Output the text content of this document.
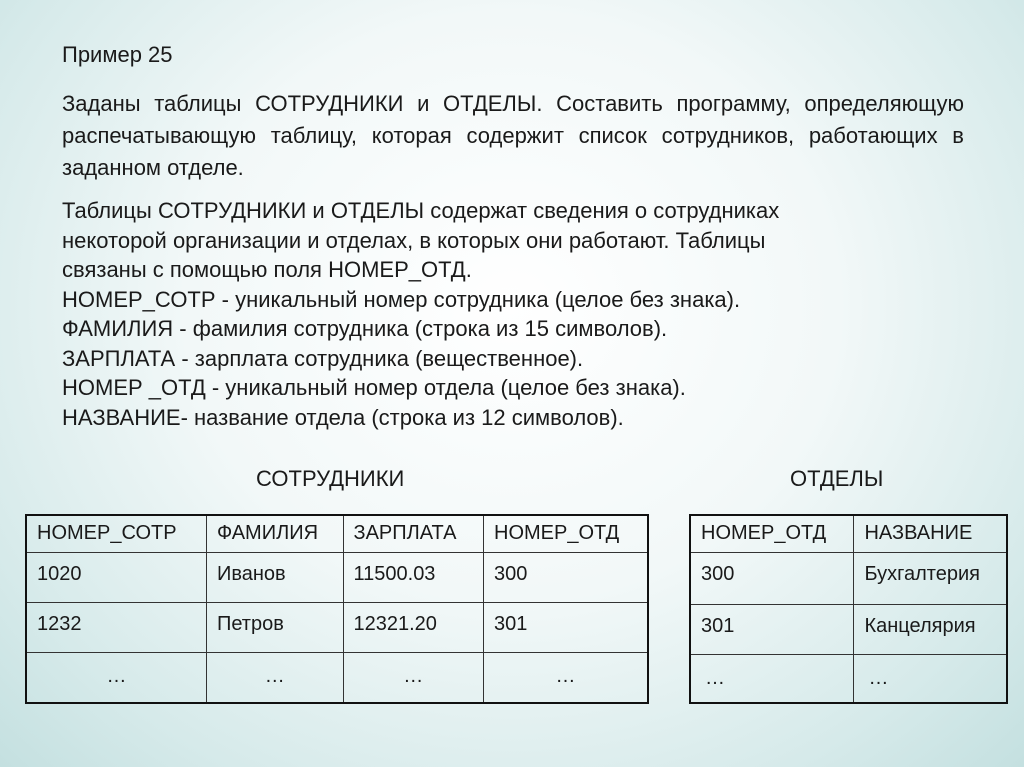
Пример 25
Заданы таблицы СОТРУДНИКИ и ОТДЕЛЫ. Составить программу, определяющую распечатывающую таблицу, которая содержит список сотрудников, работающих в заданном отделе.
Таблицы СОТРУДНИКИ и ОТДЕЛЫ содержат сведения о сотрудниках
некоторой организации и отделах, в которых они работают. Таблицы
связаны с помощью поля НОМЕР_ОТД.
НОМЕР_СОТР - уникальный номер сотрудника (целое без знака).
ФАМИЛИЯ - фамилия сотрудника (строка из 15 символов).
ЗАРПЛАТА - зарплата сотрудника (вещественное).
НОМЕР _ОТД - уникальный номер отдела (целое без знака).
НАЗВАНИЕ- название отдела (строка из 12 символов).
СОТРУДНИКИ	ОТДЕЛЫ
НОМЕР_СОТР	ФАМИЛИЯ	ЗАРПЛАТА	НОМЕР_ОТД
1020	Иванов	11500.03	300
1232	Петров	12321.20	301
…	…	…	…
НОМЕР_ОТД	НАЗВАНИЕ
300	Бухгалтерия
301	Канцелярия
…	…
